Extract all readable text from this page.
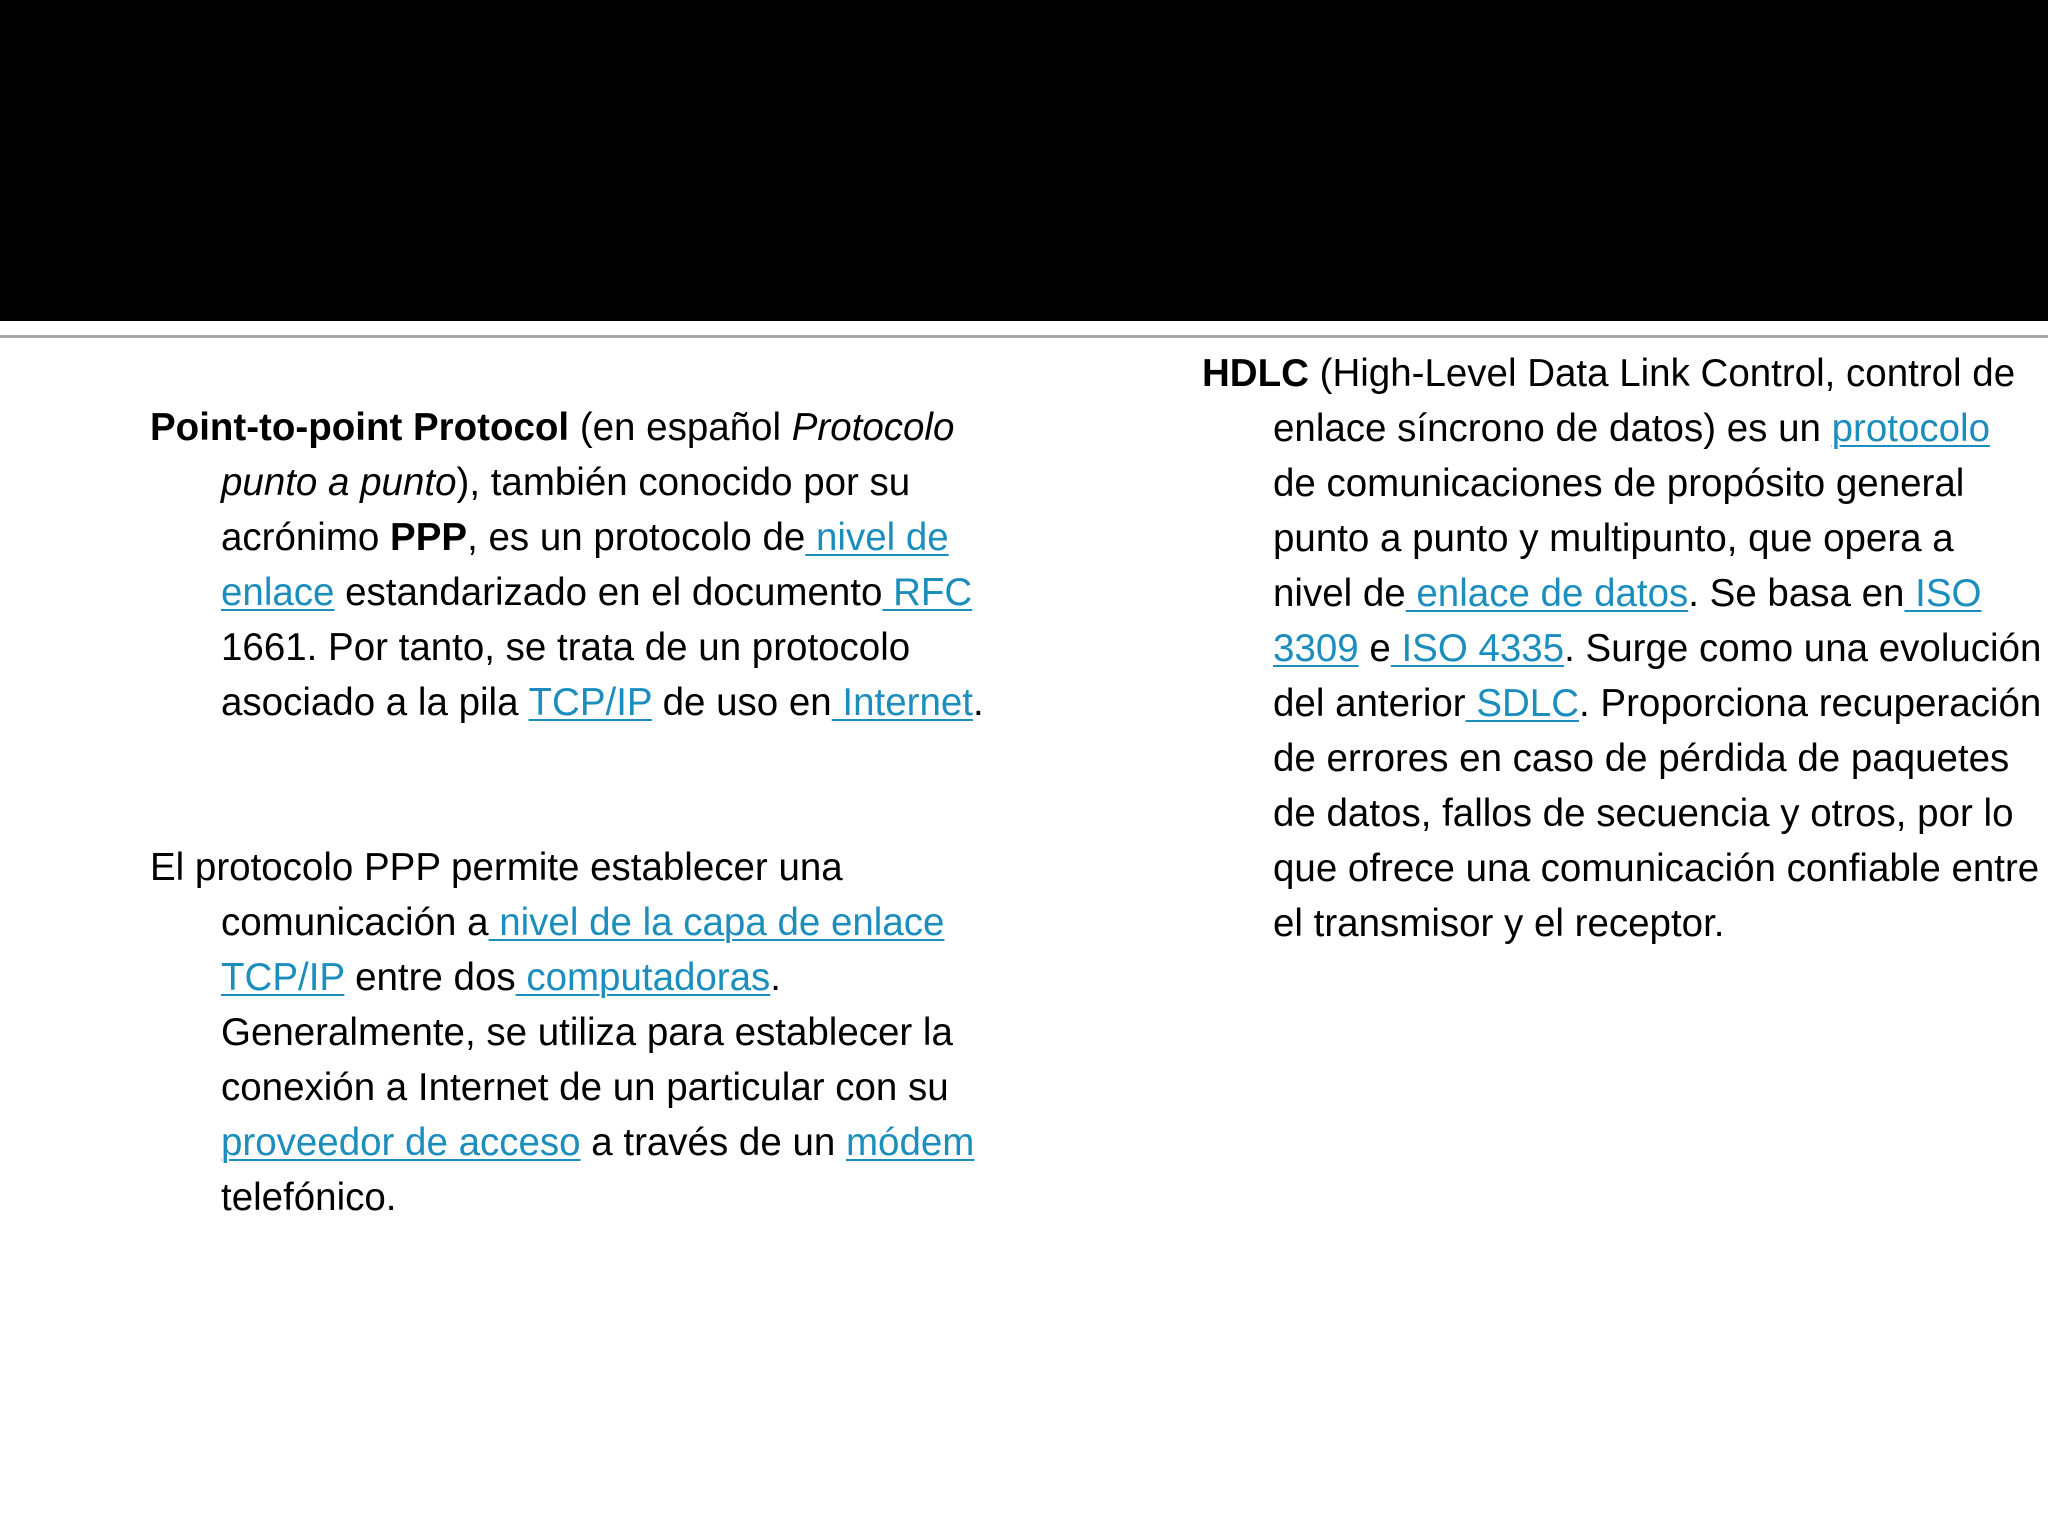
Point-to-point Protocol (en español Protocolo punto a punto), también conocido por su acrónimo PPP, es un protocolo de nivel de enlace estandarizado en el documento RFC 1661. Por tanto, se trata de un protocolo asociado a la pila TCP/IP de uso en Internet.

El protocolo PPP permite establecer una comunicación a nivel de la capa de enlace TCP/IP entre dos computadoras. Generalmente, se utiliza para establecer la conexión a Internet de un particular con su proveedor de acceso a través de un módem telefónico.

HDLC (High-Level Data Link Control, control de enlace síncrono de datos) es un protocolo de comunicaciones de propósito general punto a punto y multipunto, que opera a nivel de enlace de datos. Se basa en ISO 3309 e ISO 4335. Surge como una evolución del anterior SDLC. Proporciona recuperación de errores en caso de pérdida de paquetes de datos, fallos de secuencia y otros, por lo que ofrece una comunicación confiable entre el transmisor y el receptor.
